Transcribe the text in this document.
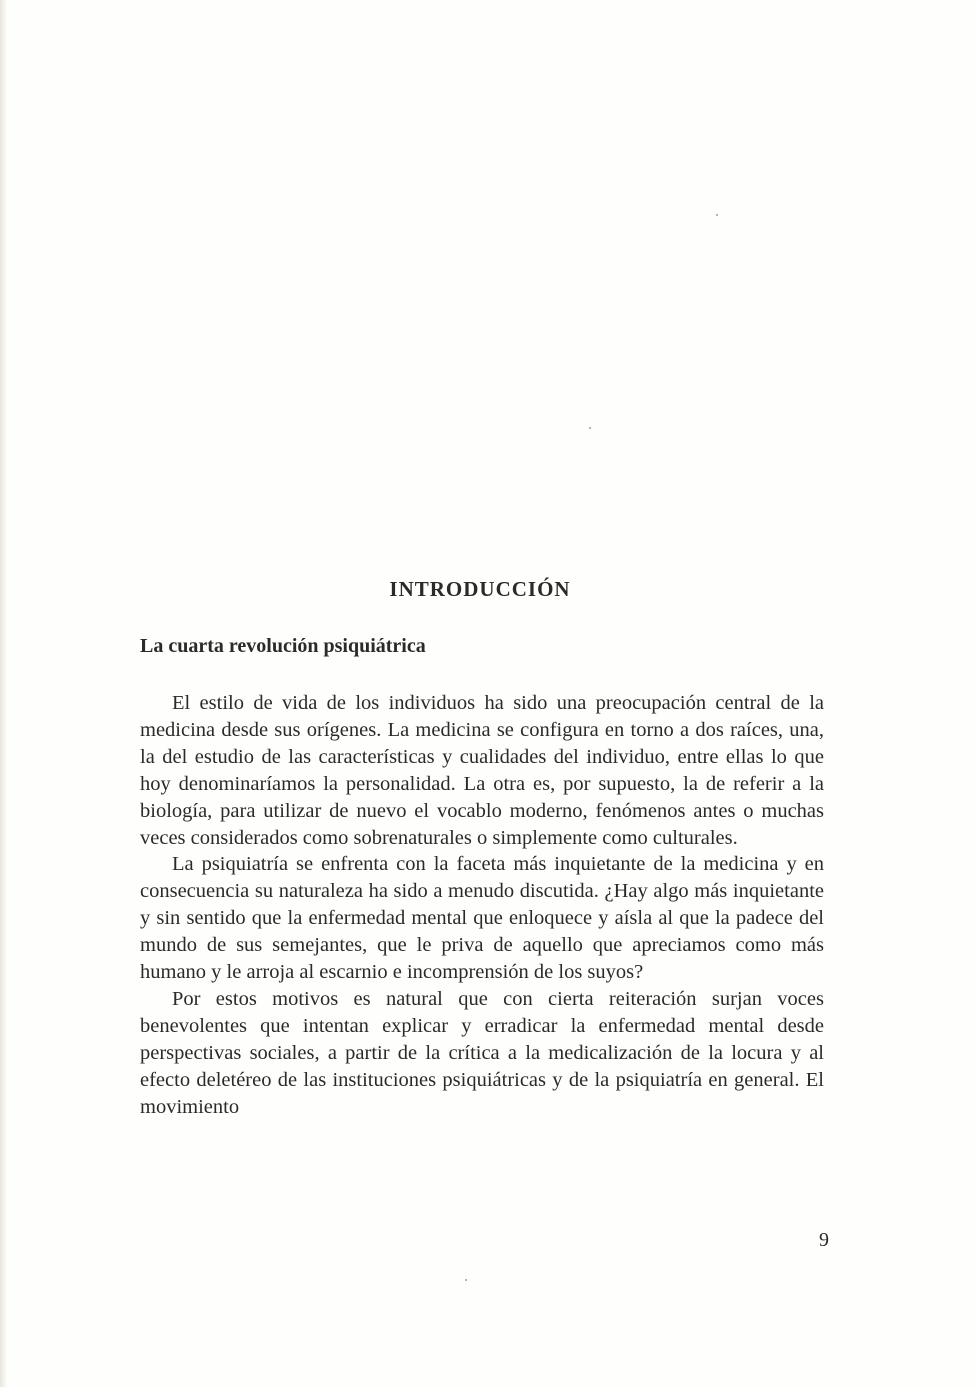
INTRODUCCIÓN
La cuarta revolución psiquiátrica

El estilo de vida de los individuos ha sido una preocupación central de la medicina desde sus orígenes. La medicina se configura en torno a dos raíces, una, la del estudio de las características y cualidades del individuo, entre ellas lo que hoy denominaríamos la personalidad. La otra es, por supuesto, la de referir a la biología, para utilizar de nuevo el vocablo moderno, fenómenos antes o muchas veces considerados como sobrenaturales o simplemente como culturales.

La psiquiatría se enfrenta con la faceta más inquietante de la medicina y en consecuencia su naturaleza ha sido a menudo discutida. ¿Hay algo más inquietante y sin sentido que la enfermedad mental que enloquece y aísla al que la padece del mundo de sus semejantes, que le priva de aquello que apreciamos como más humano y le arroja al escarnio e incomprensión de los suyos?

Por estos motivos es natural que con cierta reiteración surjan voces benevolentes que intentan explicar y erradicar la enfermedad mental desde perspectivas sociales, a partir de la crítica a la medicalización de la locura y al efecto deletéreo de las instituciones psiquiátricas y de la psiquiatría en general. El movimiento

9
